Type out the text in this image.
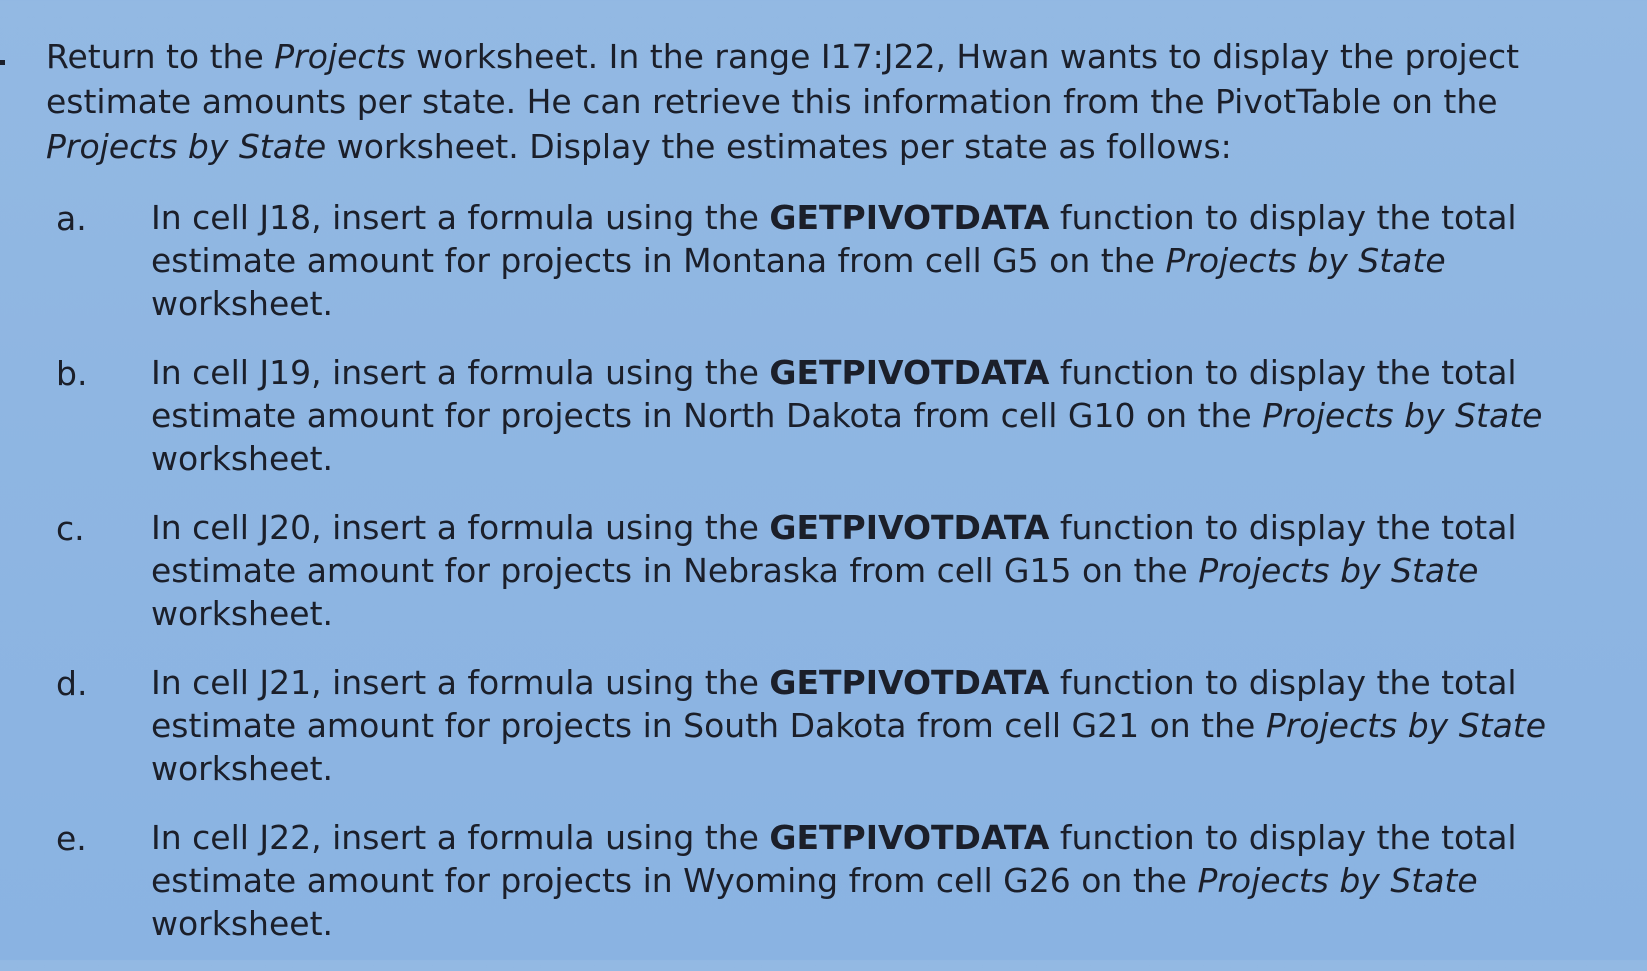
Return to the Projects worksheet. In the range I17:J22, Hwan wants to display the project estimate amounts per state. He can retrieve this information from the PivotTable on the Projects by State worksheet. Display the estimates per state as follows:

a. In cell J18, insert a formula using the GETPIVOTDATA function to display the total estimate amount for projects in Montana from cell G5 on the Projects by State worksheet.

b. In cell J19, insert a formula using the GETPIVOTDATA function to display the total estimate amount for projects in North Dakota from cell G10 on the Projects by State worksheet.

c. In cell J20, insert a formula using the GETPIVOTDATA function to display the total estimate amount for projects in Nebraska from cell G15 on the Projects by State worksheet.

d. In cell J21, insert a formula using the GETPIVOTDATA function to display the total estimate amount for projects in South Dakota from cell G21 on the Projects by State worksheet.

e. In cell J22, insert a formula using the GETPIVOTDATA function to display the total estimate amount for projects in Wyoming from cell G26 on the Projects by State worksheet.
